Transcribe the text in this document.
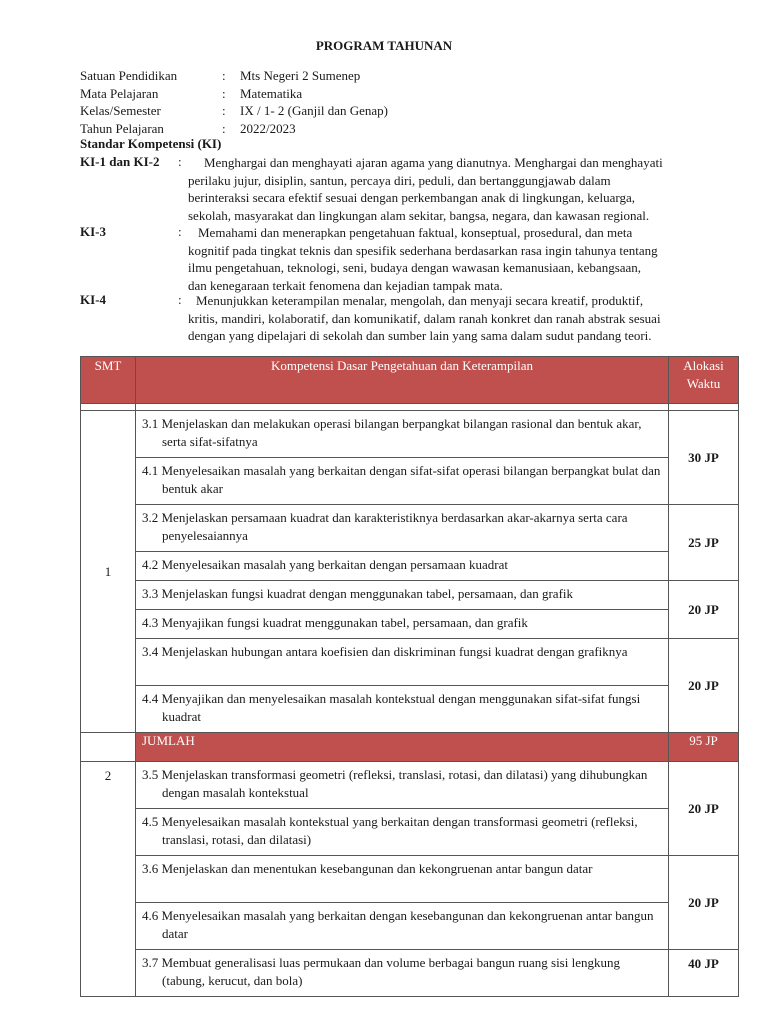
PROGRAM TAHUNAN
Satuan Pendidikan	: Mts Negeri 2 Sumenep
Mata Pelajaran	: Matematika
Kelas/Semester	: IX / 1- 2 (Ganjil dan Genap)
Tahun Pelajaran	: 2022/2023
Standar Kompetensi (KI)
KI-1 dan KI-2 :	Menghargai dan menghayati ajaran agama yang dianutnya. Menghargai dan menghayati
perilaku jujur, disiplin, santun, percaya diri, peduli, dan bertanggungjawab dalam
berinteraksi secara efektif sesuai dengan perkembangan anak di lingkungan, keluarga,
sekolah, masyarakat dan lingkungan alam sekitar, bangsa, negara, dan kawasan regional.
KI-3	:	Memahami dan menerapkan pengetahuan faktual, konseptual, prosedural, dan meta
kognitif pada tingkat teknis dan spesifik sederhana berdasarkan rasa ingin tahunya tentang
ilmu pengetahuan, teknologi, seni, budaya dengan wawasan kemanusiaan, kebangsaan,
dan kenegaraan terkait fenomena dan kejadian tampak mata.
KI-4	:	Menunjukkan keterampilan menalar, mengolah, dan menyaji secara kreatif, produktif,
kritis, mandiri, kolaboratif, dan komunikatif, dalam ranah konkret dan ranah abstrak sesuai
dengan yang dipelajari di sekolah dan sumber lain yang sama dalam sudut pandang teori.
SMT	Kompetensi Dasar Pengetahuan dan Keterampilan	Alokasi Waktu

1	3.1 Menjelaskan dan melakukan operasi bilangan berpangkat bilangan rasional dan bentuk akar, serta sifat-sifatnya	30 JP

	4.1 Menyelesaikan masalah yang berkaitan dengan sifat-sifat operasi bilangan berpangkat bulat dan bentuk akar	

	3.2 Menjelaskan persamaan kuadrat dan karakteristiknya berdasarkan akar-akarnya serta cara penyelesaiannya	25 JP

	4.2 Menyelesaikan masalah yang berkaitan dengan persamaan kuadrat	

	3.3 Menjelaskan fungsi kuadrat dengan menggunakan tabel, persamaan, dan grafik	20 JP

	4.3 Menyajikan fungsi kuadrat menggunakan tabel, persamaan, dan grafik	

	3.4 Menjelaskan hubungan antara koefisien dan diskriminan fungsi kuadrat dengan grafiknya	20 JP

	4.4 Menyajikan dan menyelesaikan masalah kontekstual dengan menggunakan sifat-sifat fungsi kuadrat	

	JUMLAH	95 JP
2	3.5 Menjelaskan transformasi geometri (refleksi, translasi, rotasi, dan dilatasi) yang dihubungkan dengan masalah kontekstual	20 JP

	4.5 Menyelesaikan masalah kontekstual yang berkaitan dengan transformasi geometri (refleksi, translasi, rotasi, dan dilatasi)	

	3.6 Menjelaskan dan menentukan kesebangunan dan kekongruenan antar bangun datar	20 JP

	4.6 Menyelesaikan masalah yang berkaitan dengan kesebangunan dan kekongruenan antar bangun datar	

	3.7 Membuat generalisasi luas permukaan dan volume berbagai bangun ruang sisi lengkung (tabung, kerucut, dan bola)	40 JP
